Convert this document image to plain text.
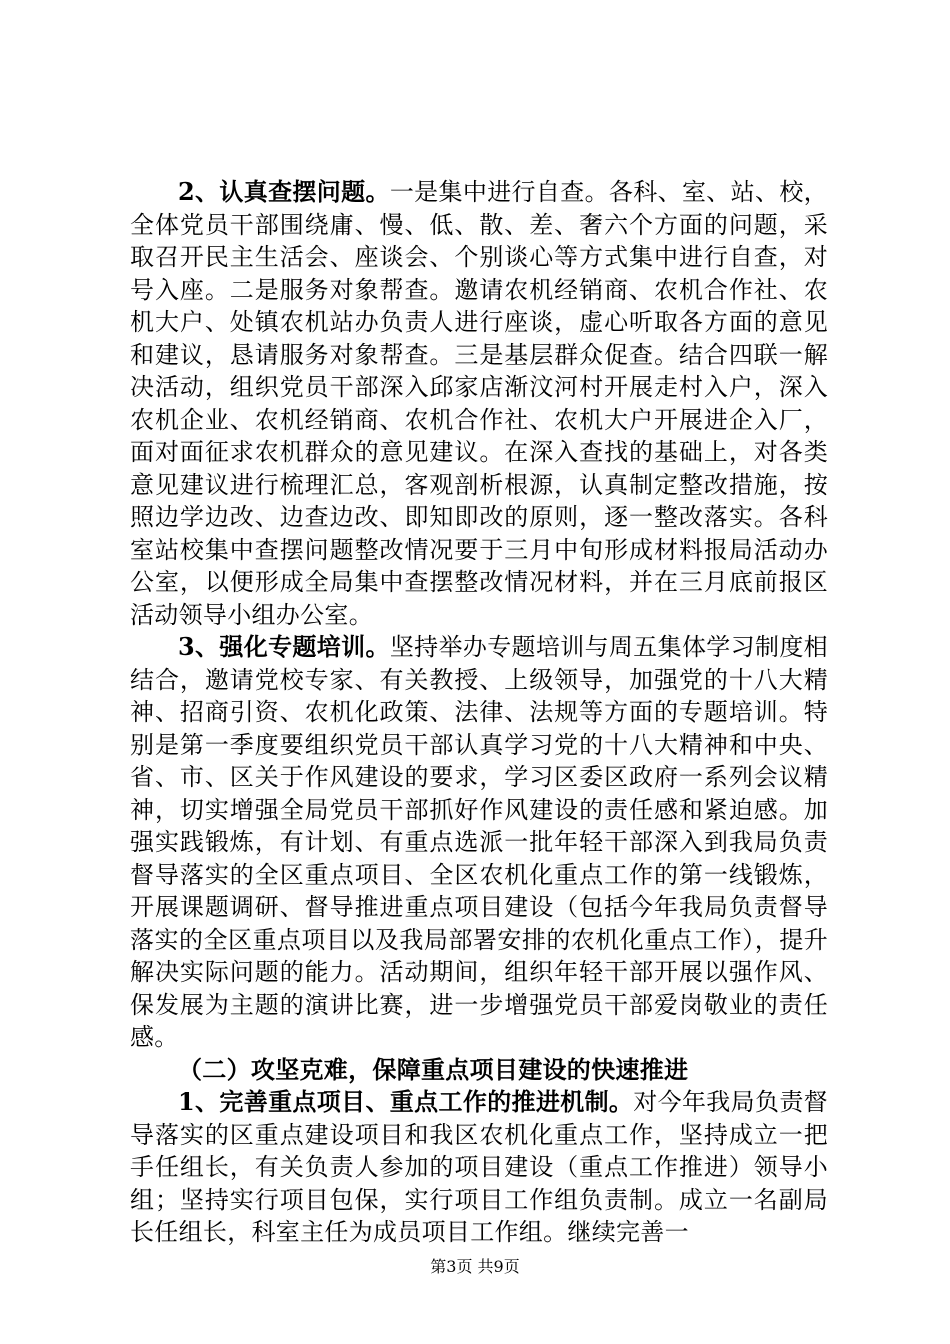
2、认真查摆问题。一是集中进行自查。各科、室、站、校，全体党员干部围绕庸、慢、低、散、差、奢六个方面的问题，采取召开民主生活会、座谈会、个别谈心等方式集中进行自查，对号入座。二是服务对象帮查。邀请农机经销商、农机合作社、农机大户、处镇农机站办负责人进行座谈，虚心听取各方面的意见和建议，恳请服务对象帮查。三是基层群众促查。结合四联一解决活动，组织党员干部深入邱家店渐汶河村开展走村入户，深入农机企业、农机经销商、农机合作社、农机大户开展进企入厂，面对面征求农机群众的意见建议。在深入查找的基础上，对各类意见建议进行梳理汇总，客观剖析根源，认真制定整改措施，按照边学边改、边查边改、即知即改的原则，逐一整改落实。各科室站校集中查摆问题整改情况要于三月中旬形成材料报局活动办公室，以便形成全局集中查摆整改情况材料，并在三月底前报区活动领导小组办公室。

3、强化专题培训。坚持举办专题培训与周五集体学习制度相结合，邀请党校专家、有关教授、上级领导，加强党的十八大精神、招商引资、农机化政策、法律、法规等方面的专题培训。特别是第一季度要组织党员干部认真学习党的十八大精神和中央、省、市、区关于作风建设的要求，学习区委区政府一系列会议精神，切实增强全局党员干部抓好作风建设的责任感和紧迫感。加强实践锻炼，有计划、有重点选派一批年轻干部深入到我局负责督导落实的全区重点项目、全区农机化重点工作的第一线锻炼，开展课题调研、督导推进重点项目建设（包括今年我局负责督导落实的全区重点项目以及我局部署安排的农机化重点工作），提升解决实际问题的能力。活动期间，组织年轻干部开展以强作风、保发展为主题的演讲比赛，进一步增强党员干部爱岗敬业的责任感。

（二）攻坚克难，保障重点项目建设的快速推进

1、完善重点项目、重点工作的推进机制。对今年我局负责督导落实的区重点建设项目和我区农机化重点工作，坚持成立一把手任组长，有关负责人参加的项目建设（重点工作推进）领导小组；坚持实行项目包保，实行项目工作组负责制。成立一名副局长任组长，科室主任为成员项目工作组。继续完善一

第3页 共9页
